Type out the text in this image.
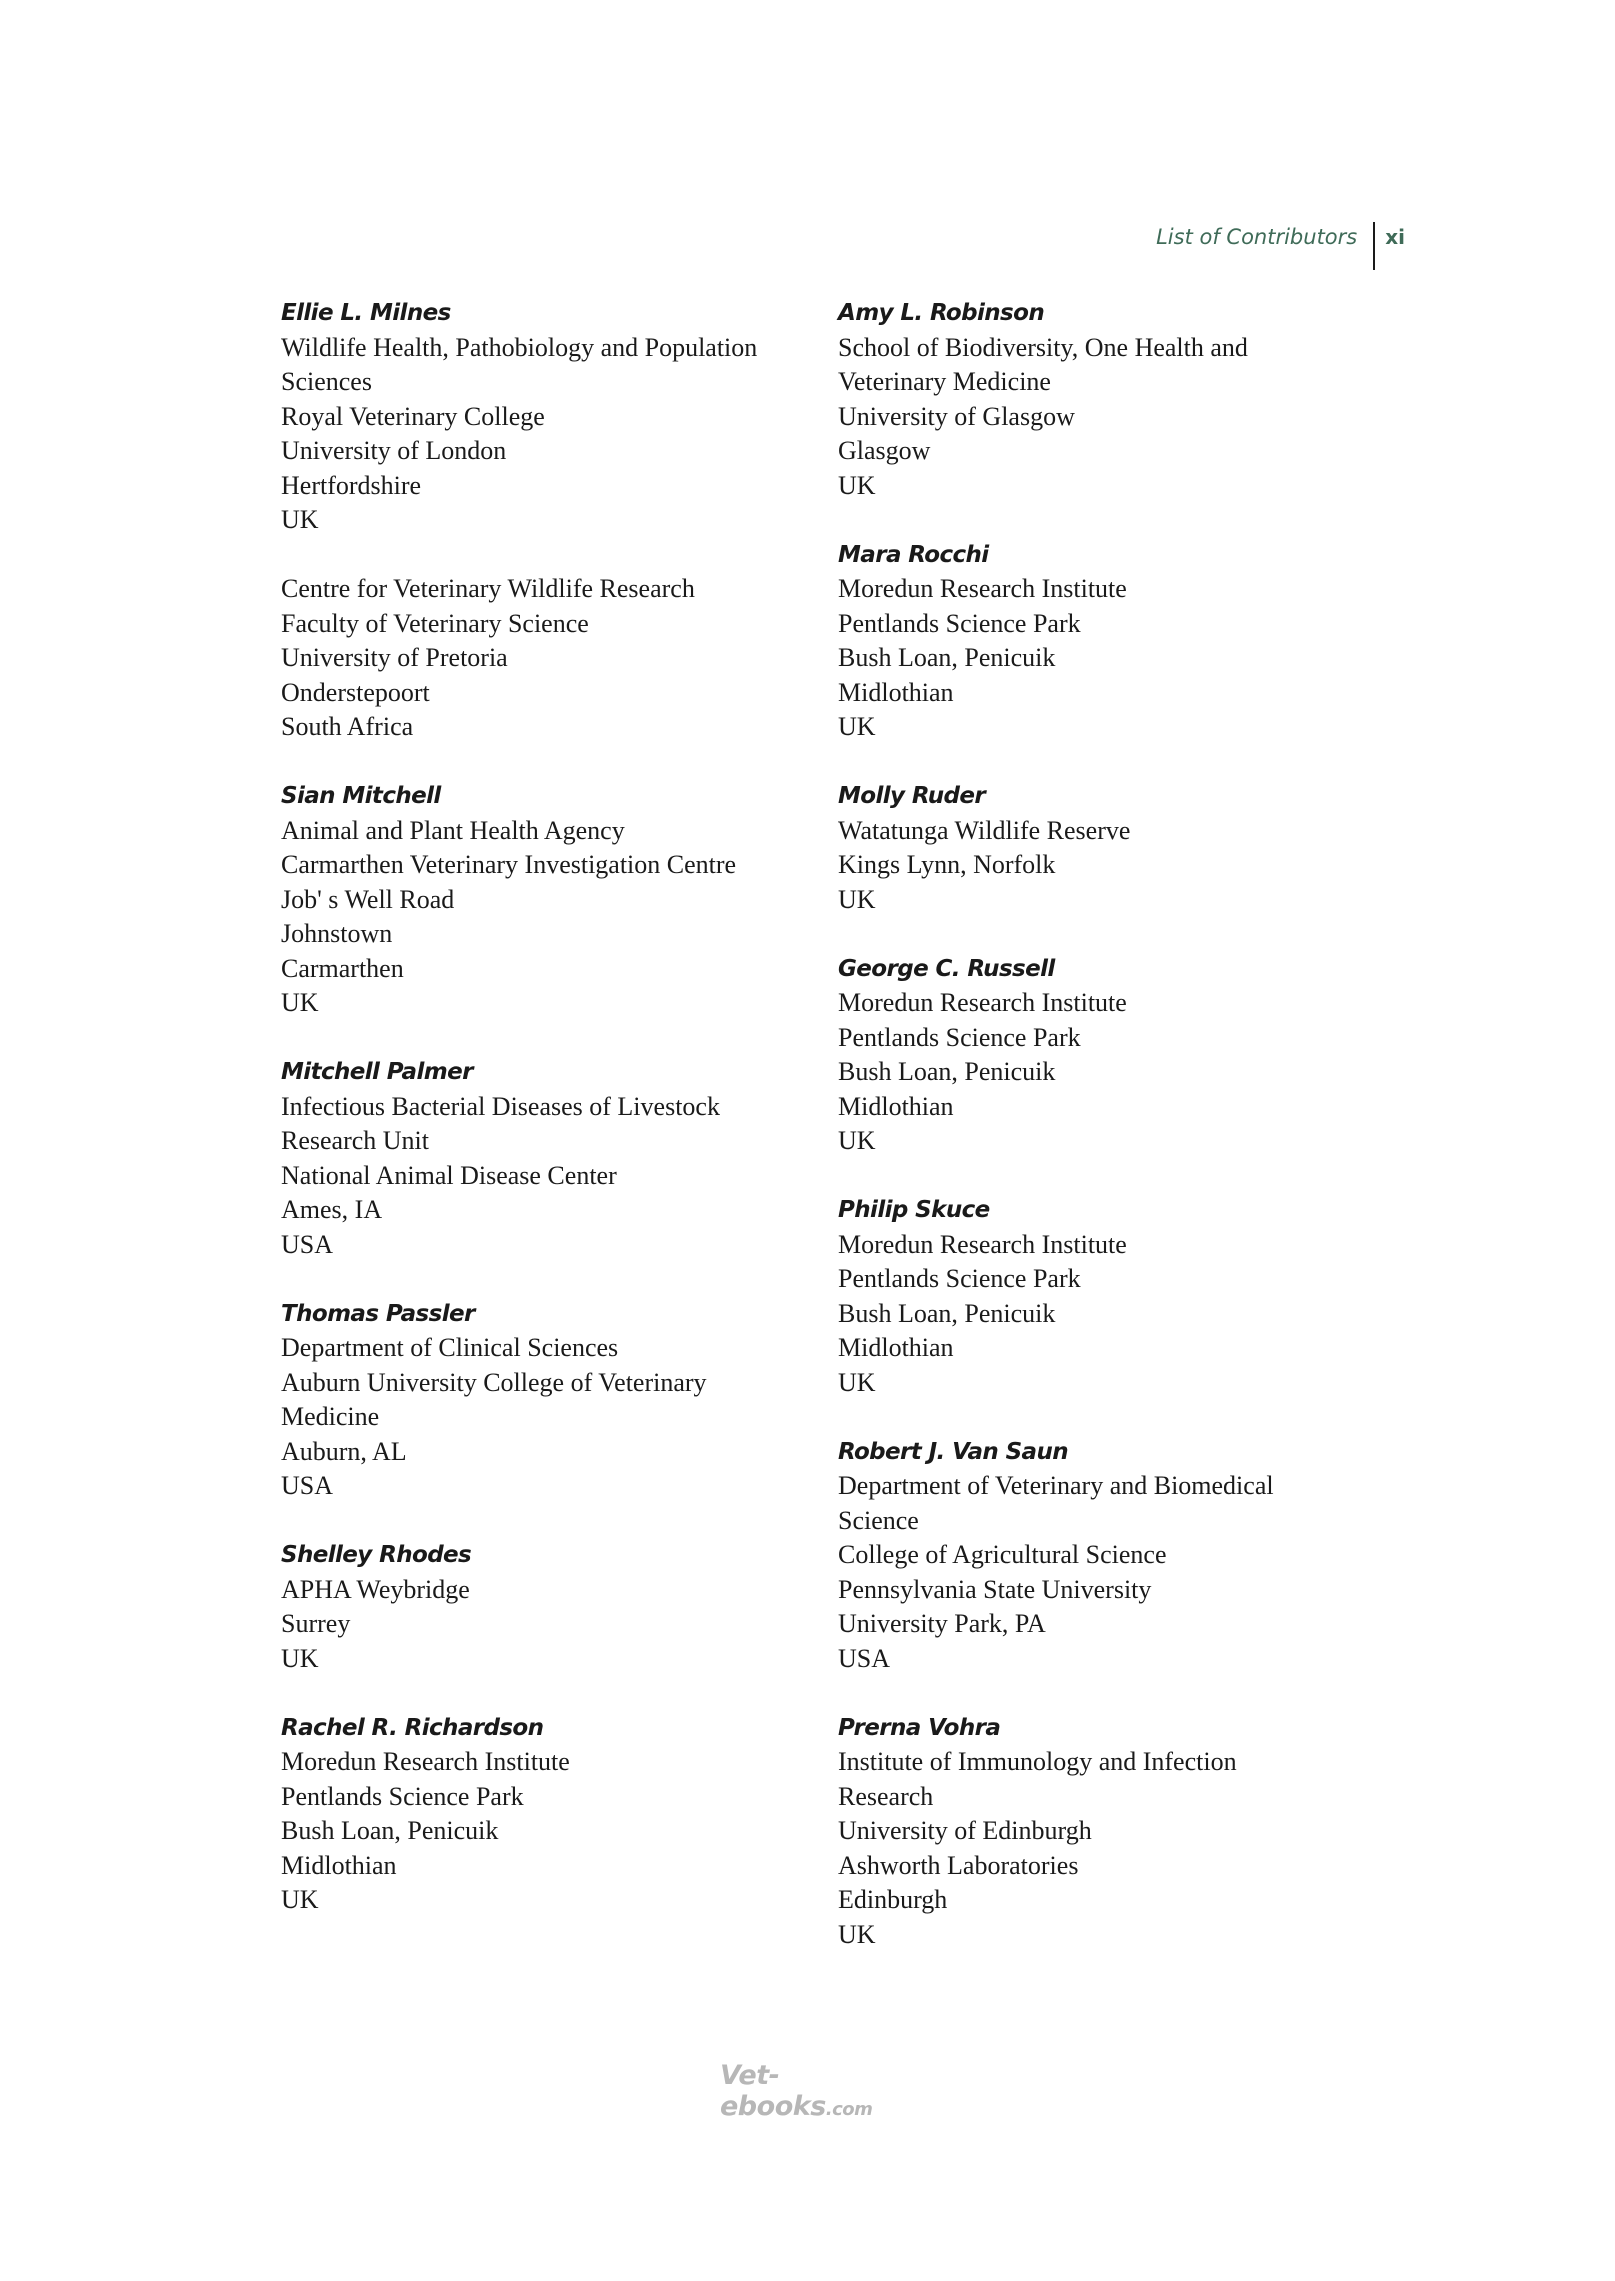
List of Contributors xi
Ellie L. Milnes
Wildlife Health, Pathobiology and Population
Sciences
Royal Veterinary College
University of London
Hertfordshire
UK
Centre for Veterinary Wildlife Research
Faculty of Veterinary Science
University of Pretoria
Onderstepoort
South Africa
Sian Mitchell
Animal and Plant Health Agency
Carmarthen Veterinary Investigation Centre
Job' s Well Road
Johnstown
Carmarthen
UK
Mitchell Palmer
Infectious Bacterial Diseases of Livestock
Research Unit
National Animal Disease Center
Ames, IA
USA
Thomas Passler
Department of Clinical Sciences
Auburn University College of Veterinary
Medicine
Auburn, AL
USA
Shelley Rhodes
APHA Weybridge
Surrey
UK
Rachel R. Richardson
Moredun Research Institute
Pentlands Science Park
Bush Loan, Penicuik
Midlothian
UK
Amy L. Robinson
School of Biodiversity, One Health and
Veterinary Medicine
University of Glasgow
Glasgow
UK
Mara Rocchi
Moredun Research Institute
Pentlands Science Park
Bush Loan, Penicuik
Midlothian
UK
Molly Ruder
Watatunga Wildlife Reserve
Kings Lynn, Norfolk
UK
George C. Russell
Moredun Research Institute
Pentlands Science Park
Bush Loan, Penicuik
Midlothian
UK
Philip Skuce
Moredun Research Institute
Pentlands Science Park
Bush Loan, Penicuik
Midlothian
UK
Robert J. Van Saun
Department of Veterinary and Biomedical
Science
College of Agricultural Science
Pennsylvania State University
University Park, PA
USA
Prerna Vohra
Institute of Immunology and Infection
Research
University of Edinburgh
Ashworth Laboratories
Edinburgh
UK
Vet-ebooks.com
